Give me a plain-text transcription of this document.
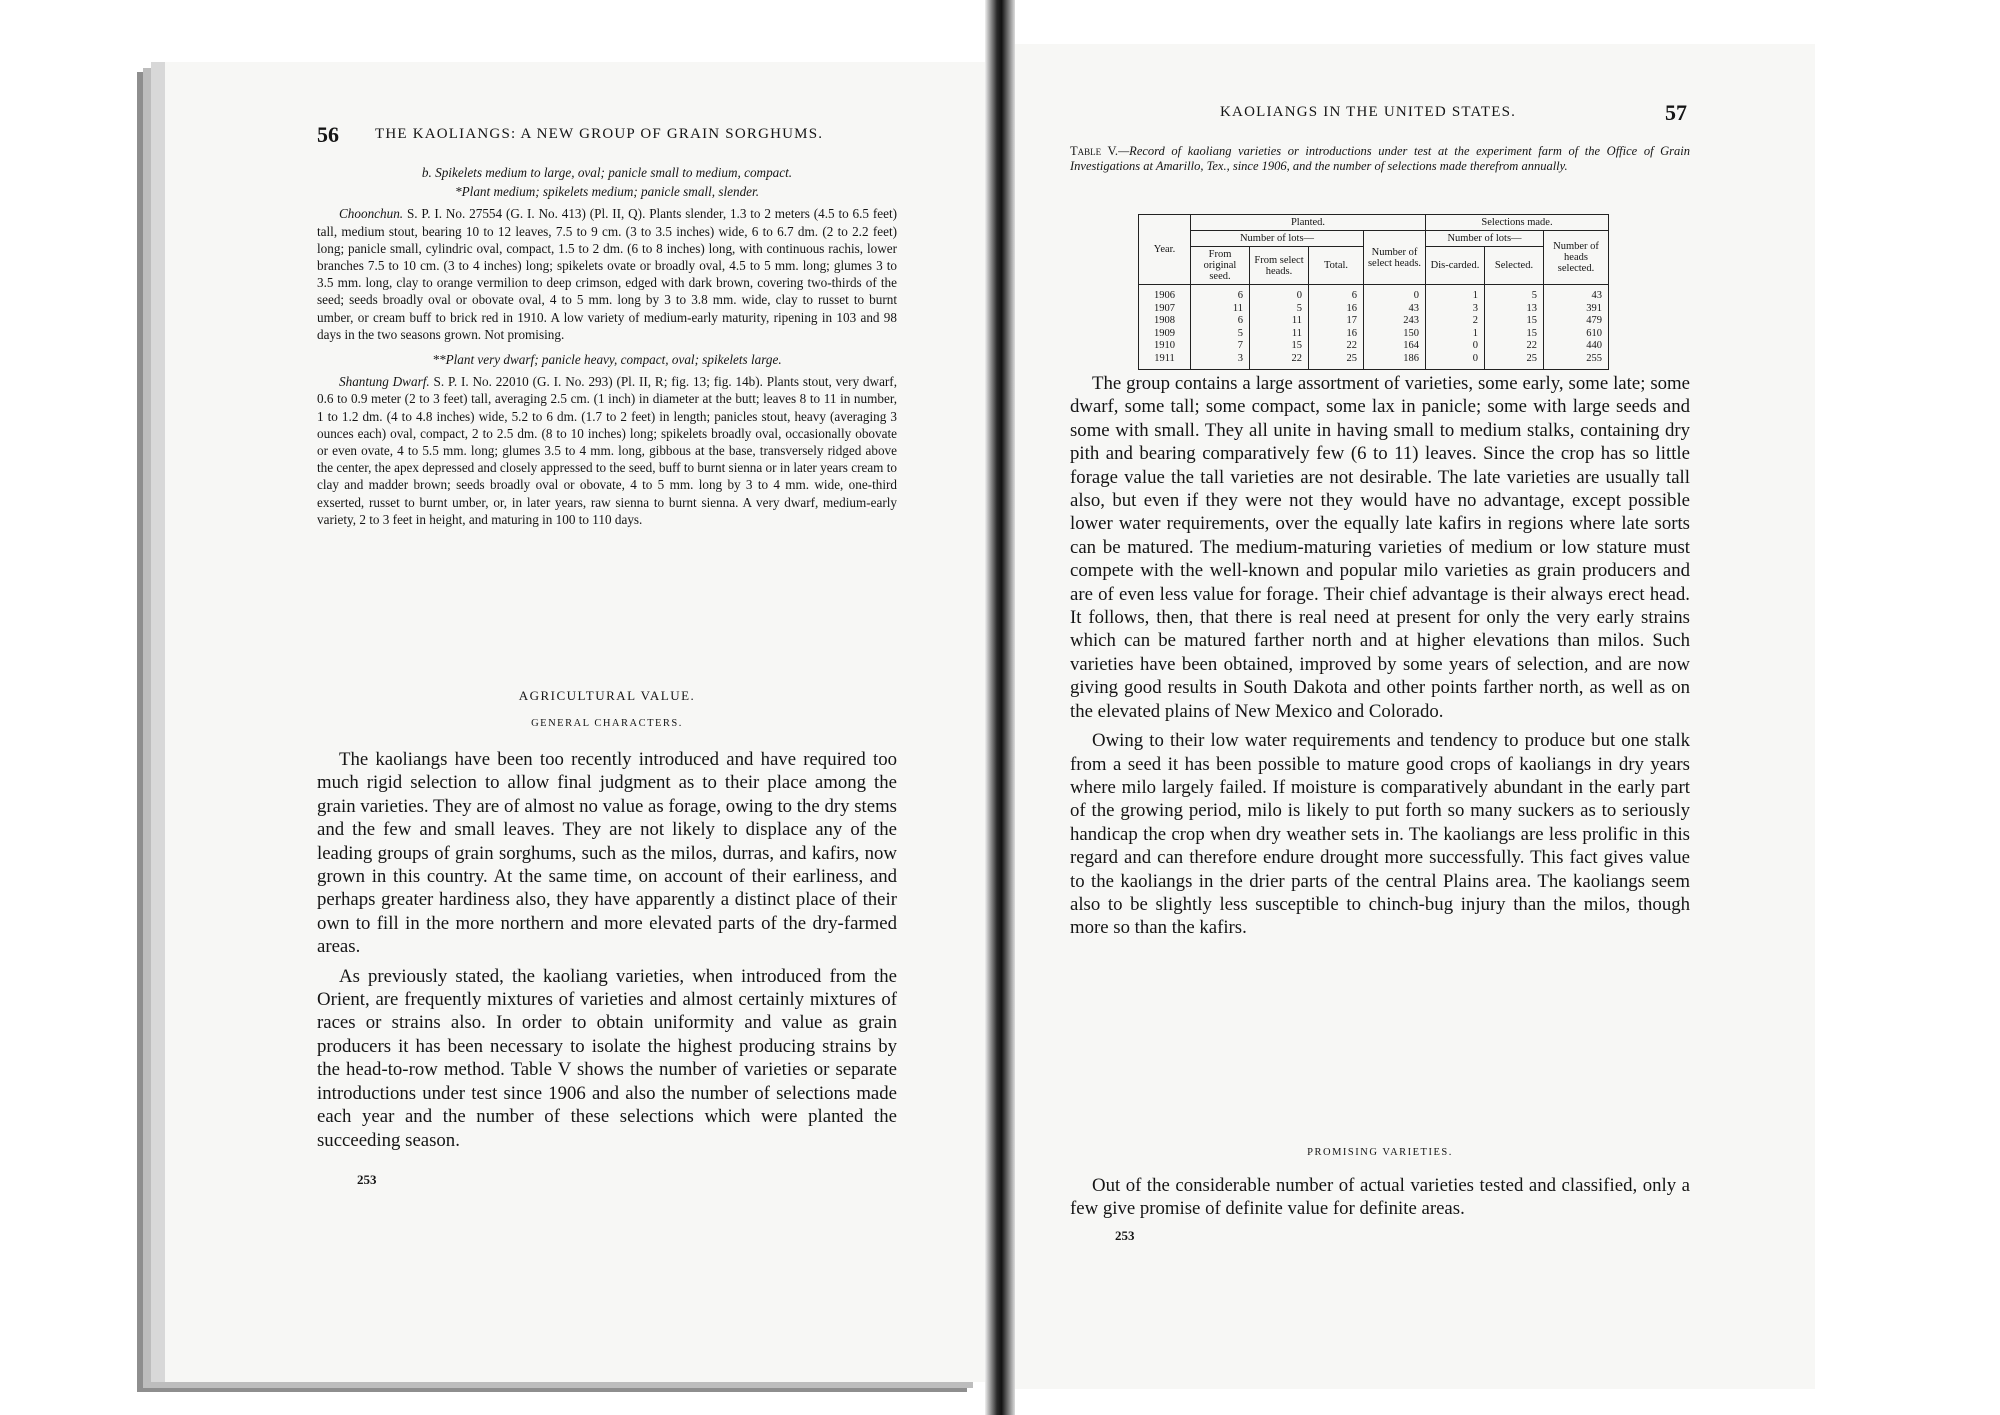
56 THE KAOLIANGS: A NEW GROUP OF GRAIN SORGHUMS.

b. Spikelets medium to large, oval; panicle small to medium, compact.

*Plant medium; spikelets medium; panicle small, slender.

Choonchun. S. P. I. No. 27554 (G. I. No. 413) (Pl. II, Q). Plants slender, 1.3 to 2 meters (4.5 to 6.5 feet) tall, medium stout, bearing 10 to 12 leaves, 7.5 to 9 cm. (3 to 3.5 inches) wide, 6 to 6.7 dm. (2 to 2.2 feet) long; panicle small, cylindric oval, compact, 1.5 to 2 dm. (6 to 8 inches) long, with continuous rachis, lower branches 7.5 to 10 cm. (3 to 4 inches) long; spikelets ovate or broadly oval, 4.5 to 5 mm. long; glumes 3 to 3.5 mm. long, clay to orange vermilion to deep crimson, edged with dark brown, covering two-thirds of the seed; seeds broadly oval or obovate oval, 4 to 5 mm. long by 3 to 3.8 mm. wide, clay to russet to burnt umber, or cream buff to brick red in 1910. A low variety of medium-early maturity, ripening in 103 and 98 days in the two seasons grown. Not promising.

**Plant very dwarf; panicle heavy, compact, oval; spikelets large.

Shantung Dwarf. S. P. I. No. 22010 (G. I. No. 293) (Pl. II, R; fig. 13; fig. 14b). Plants stout, very dwarf, 0.6 to 0.9 meter (2 to 3 feet) tall, averaging 2.5 cm. (1 inch) in diameter at the butt; leaves 8 to 11 in number, 1 to 1.2 dm. (4 to 4.8 inches) wide, 5.2 to 6 dm. (1.7 to 2 feet) in length; panicles stout, heavy (averaging 3 ounces each) oval, compact, 2 to 2.5 dm. (8 to 10 inches) long; spikelets broadly oval, occasionally obovate or even ovate, 4 to 5.5 mm. long; glumes 3.5 to 4 mm. long, gibbous at the base, transversely ridged above the center, the apex depressed and closely appressed to the seed, buff to burnt sienna or in later years cream to clay and madder brown; seeds broadly oval or obovate, 4 to 5 mm. long by 3 to 4 mm. wide, one-third exserted, russet to burnt umber, or, in later years, raw sienna to burnt sienna. A very dwarf, medium-early variety, 2 to 3 feet in height, and maturing in 100 to 110 days.

AGRICULTURAL VALUE.
GENERAL CHARACTERS.

The kaoliangs have been too recently introduced and have required too much rigid selection to allow final judgment as to their place among the grain varieties. They are of almost no value as forage, owing to the dry stems and the few and small leaves. They are not likely to displace any of the leading groups of grain sorghums, such as the milos, durras, and kafirs, now grown in this country. At the same time, on account of their earliness, and perhaps greater hardiness also, they have apparently a distinct place of their own to fill in the more northern and more elevated parts of the dry-farmed areas.

As previously stated, the kaoliang varieties, when introduced from the Orient, are frequently mixtures of varieties and almost certainly mixtures of races or strains also. In order to obtain uniformity and value as grain producers it has been necessary to isolate the highest producing strains by the head-to-row method. Table V shows the number of varieties or separate introductions under test since 1906 and also the number of selections made each year and the number of these selections which were planted the succeeding season.

253
KAOLIANGS IN THE UNITED STATES.	57
Table V.—Record of kaoliang varieties or introductions under test at the experiment farm of the Office of Grain Investigations at Amarillo, Tex., since 1906, and the number of selections made therefrom annually.
Year.	Planted.				Selections made.		
	Number of lots—			Number of select heads.	Number of lots—		Number of heads selected.
	From original seed.	From select heads.	Total.		Dis-carded.	Selected.	
1906	6	0	6	0	1	5	43
1907	11	5	16	43	3	13	391
1908	6	11	17	243	2	15	479
1909	5	11	16	150	1	15	610
1910	7	15	22	164	0	22	440
1911	3	22	25	186	0	25	255

The group contains a large assortment of varieties, some early, some late; some dwarf, some tall; some compact, some lax in panicle; some with large seeds and some with small. They all unite in having small to medium stalks, containing dry pith and bearing comparatively few (6 to 11) leaves. Since the crop has so little forage value the tall varieties are not desirable. The late varieties are usually tall also, but even if they were not they would have no advantage, except possible lower water requirements, over the equally late kafirs in regions where late sorts can be matured. The medium-maturing varieties of medium or low stature must compete with the well-known and popular milo varieties as grain producers and are of even less value for forage. Their chief advantage is their always erect head. It follows, then, that there is real need at present for only the very early strains which can be matured farther north and at higher elevations than milos. Such varieties have been obtained, improved by some years of selection, and are now giving good results in South Dakota and other points farther north, as well as on the elevated plains of New Mexico and Colorado.

Owing to their low water requirements and tendency to produce but one stalk from a seed it has been possible to mature good crops of kaoliangs in dry years where milo largely failed. If moisture is comparatively abundant in the early part of the growing period, milo is likely to put forth so many suckers as to seriously handicap the crop when dry weather sets in. The kaoliangs are less prolific in this regard and can therefore endure drought more successfully. This fact gives value to the kaoliangs in the drier parts of the central Plains area. The kaoliangs seem also to be slightly less susceptible to chinch-bug injury than the milos, though more so than the kafirs.

PROMISING VARIETIES.

Out of the considerable number of actual varieties tested and classified, only a few give promise of definite value for definite areas.

253
